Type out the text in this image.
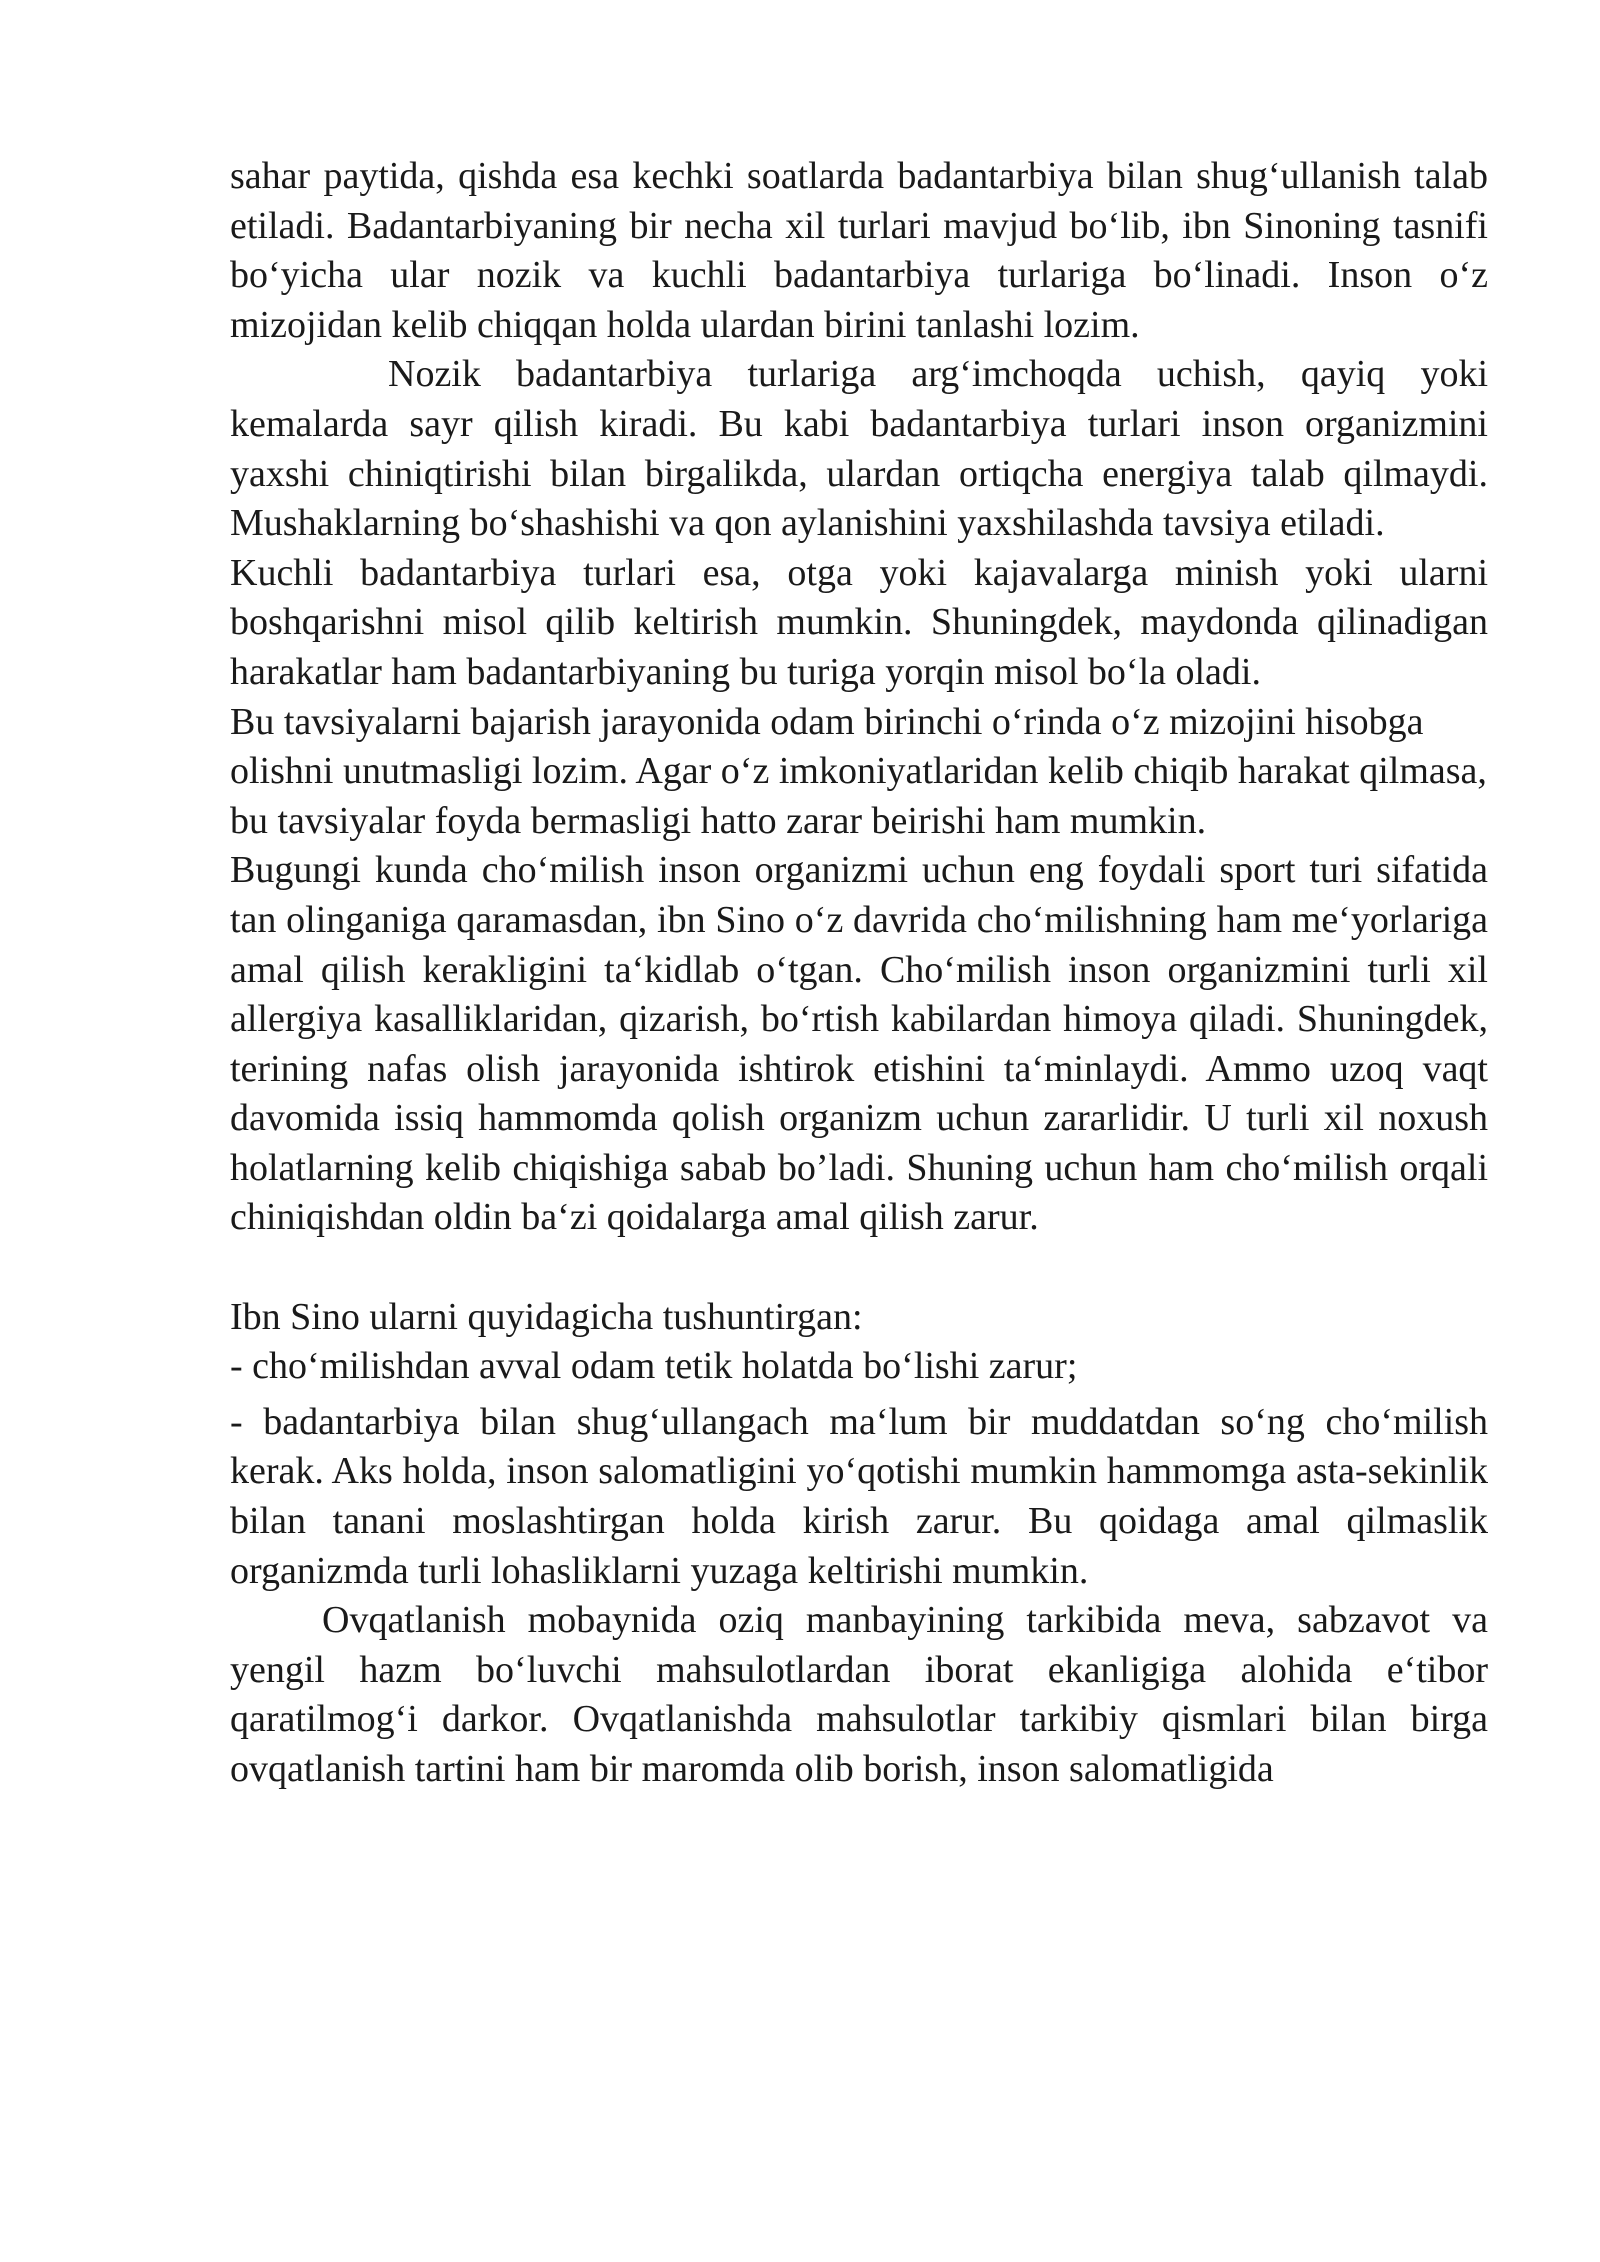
sahar paytida, qishda esa kechki soatlarda badantarbiya bilan shug‘ullanish talab etiladi. Badantarbiyaning bir necha xil turlari mavjud bo‘lib, ibn Sinoning tasnifi bo‘yicha ular nozik va kuchli badantarbiya turlariga bo‘linadi. Inson o‘z mizojidan kelib chiqqan holda ulardan birini tanlashi lozim.

Nozik badantarbiya turlariga arg‘imchoqda uchish, qayiq yoki kemalarda sayr qilish kiradi. Bu kabi badantarbiya turlari inson organizmini yaxshi chiniqtirishi bilan birgalikda, ulardan ortiqcha energiya talab qilmaydi. Mushaklarning bo‘shashishi va qon aylanishini yaxshilashda tavsiya etiladi.

Kuchli badantarbiya turlari esa, otga yoki kajavalarga minish yoki ularni boshqarishni misol qilib keltirish mumkin. Shuningdek, maydonda qilinadigan harakatlar ham badantarbiyaning bu turiga yorqin misol bo‘la oladi.

Bu tavsiyalarni bajarish jarayonida odam birinchi o‘rinda o‘z mizojini hisobga olishni unutmasligi lozim. Agar o‘z imkoniyatlaridan kelib chiqib harakat qilmasa, bu tavsiyalar foyda bermasligi hatto zarar beirishi ham mumkin.

Bugungi kunda cho‘milish inson organizmi uchun eng foydali sport turi sifatida tan olinganiga qaramasdan, ibn Sino o‘z davrida cho‘milishning ham me‘yorlariga amal qilish kerakligini ta‘kidlab o‘tgan. Cho‘milish inson organizmini turli xil allergiya kasalliklaridan, qizarish, bo‘rtish kabilardan himoya qiladi. Shuningdek, terining nafas olish jarayonida ishtirok etishini ta‘minlaydi. Ammo uzoq vaqt davomida issiq hammomda qolish organizm uchun zararlidir. U turli xil noxush holatlarning kelib chiqishiga sabab bo’ladi. Shuning uchun ham cho‘milish orqali chiniqishdan oldin ba‘zi qoidalarga amal qilish zarur.

Ibn Sino ularni quyidagicha tushuntirgan:

- cho‘milishdan avval odam tetik holatda bo‘lishi zarur;

- badantarbiya bilan shug‘ullangach ma‘lum bir muddatdan so‘ng cho‘milish kerak. Aks holda, inson salomatligini yo‘qotishi mumkin hammomga asta-sekinlik bilan tanani moslashtirgan holda kirish zarur. Bu qoidaga amal qilmaslik organizmda turli lohasliklarni yuzaga keltirishi mumkin.

Ovqatlanish mobaynida oziq manbayining tarkibida meva, sabzavot va yengil hazm bo‘luvchi mahsulotlardan iborat ekanligiga alohida e‘tibor qaratilmog‘i darkor. Ovqatlanishda mahsulotlar tarkibiy qismlari bilan birga ovqatlanish tartini ham bir maromda olib borish, inson salomatligida
